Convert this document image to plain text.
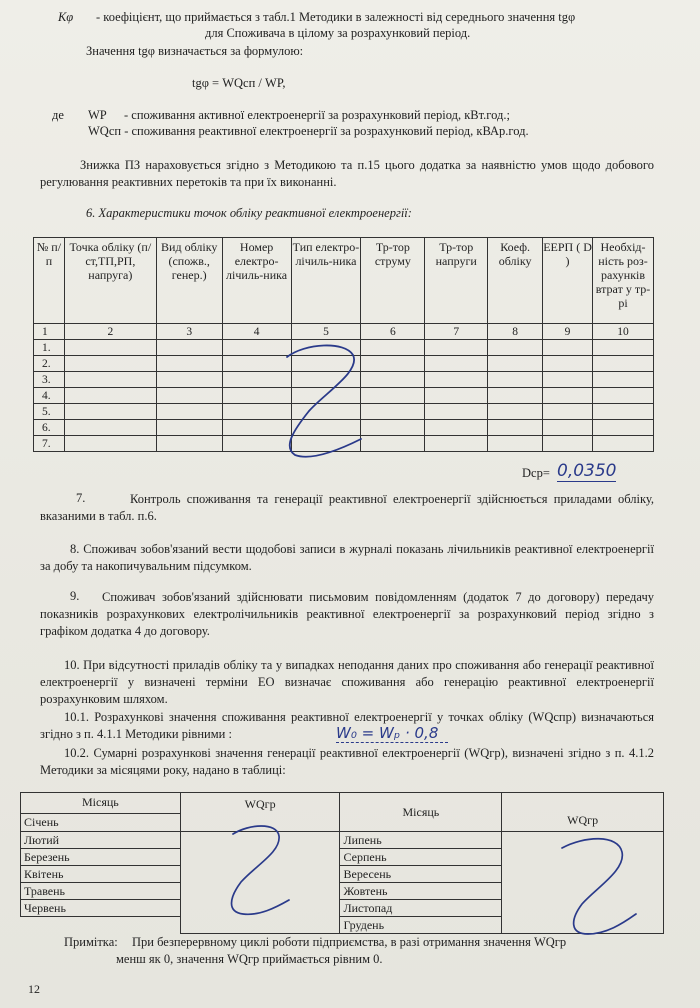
Кφ - коефіцієнт, що приймається з табл.1 Методики в залежності від середнього значення tgφ
для Споживача в цілому за розрахунковий період.
Значення tgφ визначається за формулою:
tgφ = WQсп / WP,
де WP - споживання активної електроенергії за розрахунковий період, кВт.год.;
WQсп - споживання реактивної електроенергії за розрахунковий період, кВАр.год.
Знижка ПЗ нараховується згідно з Методикою та п.15 цього додатка за наявністю умов щодо добового регулювання реактивних перетоків та при їх виконанні.
6. Характеристики точок обліку реактивної електроенергії:
№ п/п	Точка обліку (п/ст,ТП,РП, напруга)	Вид обліку (спожв., генер.)	Номер електро-лічиль-ника	Тип електро-лічиль-ника	Тр-тор струму	Тр-тор напруги	Коеф. обліку	ЕЕРП ( D )	Необхід-ність роз-рахунків втрат у тр-рі
1	2	3	4	5	6	7	8	9	10
1.									
2.									
3.									
4.									
5.									
6.									
7.									
Dср= 0,0350
7.	Контроль споживання та генерації реактивної електроенергії здійснюється приладами обліку, вказаними в табл. п.6.
8. Споживач зобов'язаний вести щодобові записи в журналі показань лічильників реактивної електроенергії за добу та накопичувальним підсумком.
9.	Споживач зобов'язаний здійснювати письмовим повідомленням (додаток 7 до договору) передачу показників розрахункових електролічильників реактивної електроенергії за розрахунковий період згідно з графіком додатка 4 до договору.
10. При відсутності приладів обліку та у випадках неподання даних про споживання або генерації реактивної електроенергії у визначені терміни ЕО визначає споживання або генерацію реактивної електроенергії розрахунковим шляхом.
10.1. Розрахункові значення споживання реактивної електроенергії у точках обліку (WQспр) визначаються згідно з п. 4.1.1 Методики рівними :	W₀ = Wₚ · 0,8
10.2. Сумарні розрахункові значення генерації реактивної електроенергії (WQгр), визначені згідно з п. 4.1.2 Методики за місяцями року, надано в таблиці:
Місяць	WQгр	Місяць	WQгр
Січень			
Лютий		Липень	
Березень		Серпень	
Квітень		Вересень	
Травень		Жовтень	
Червень		Листопад	
		Грудень	
Примітка: При безперервному циклі роботи підприємства, в разі отримання значення WQгр
менш як 0, значення WQгр приймається рівним 0.
12
